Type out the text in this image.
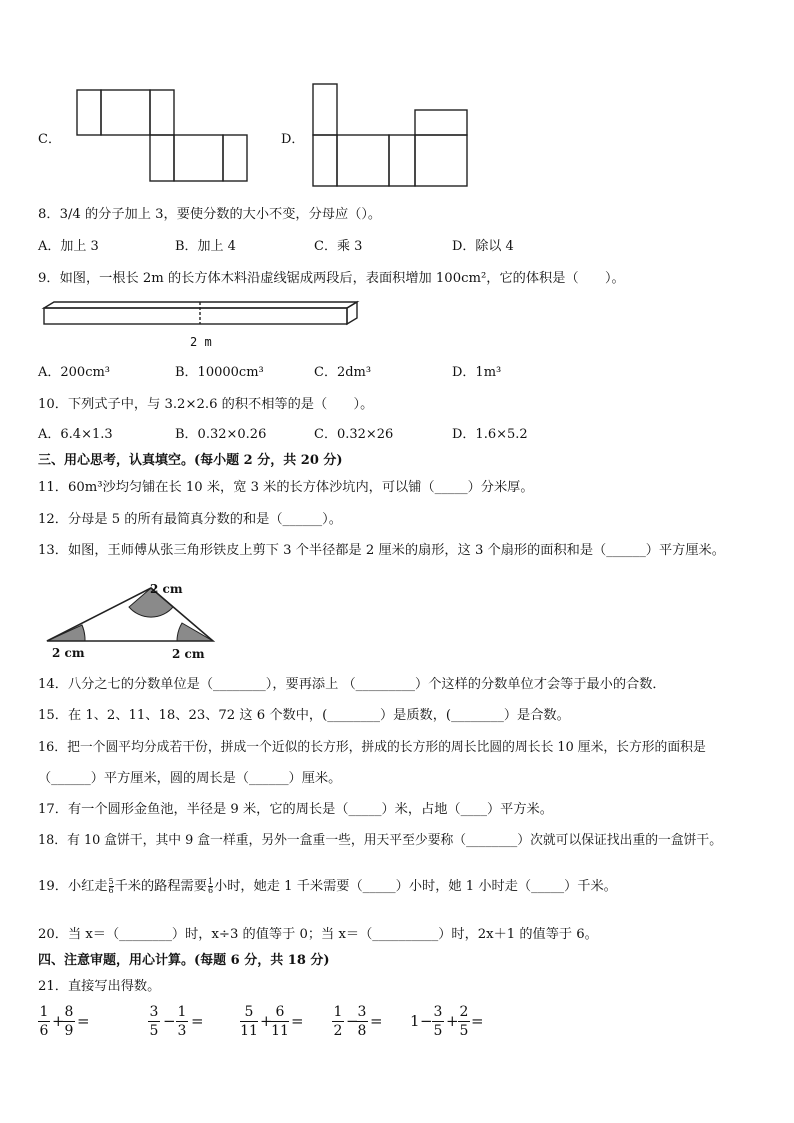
C．	D．
8．3/4 的分子加上 3，要使分数的大小不变，分母应（）。
A．加上 3	B．加上 4	C．乘 3	D．除以 4
9．如图，一根长 2m 的长方体木料沿虚线锯成两段后，表面积增加 100cm²，它的体积是（　　）。
2 m
A．200cm³	B．10000cm³	C．2dm³	D．1m³
10．下列式子中，与 3.2×2.6 的积不相等的是（　　）。
A．6.4×1.3	B．0.32×0.26	C．0.32×26	D．1.6×5.2
三、用心思考，认真填空。(每小题 2 分，共 20 分)
11．60m³沙均匀铺在长 10 米，宽 3 米的长方体沙坑内，可以铺（_____）分米厚。
12．分母是 5 的所有最简真分数的和是（______）。
13．如图，王师傅从张三角形铁皮上剪下 3 个半径都是 2 厘米的扇形，这 3 个扇形的面积和是（______）平方厘米。
2 cm
2 cm	2 cm
14．八分之七的分数单位是（________），要再添上 （_________）个这样的分数单位才会等于最小的合数．
15．在 1、2、11、18、23、72 这 6 个数中，(________）是质数，(________）是合数。
16．把一个圆平均分成若干份，拼成一个近似的长方形，拼成的长方形的周长比圆的周长长 10 厘米，长方形的面积是
（______）平方厘米，圆的周长是（______）厘米。
17．有一个圆形金鱼池，半径是 9 米，它的周长是（_____）米，占地（____）平方米。
18．有 10 盒饼干，其中 9 盒一样重，另外一盒重一些，用天平至少要称（________）次就可以保证找出重的一盒饼干。
19．小红走 $\frac{5}{6}$ 千米的路程需要 $\frac{1}{6}$ 小时，她走 1 千米需要（_____）小时，她 1 小时走（_____）千米。
20．当 x＝（________）时，x÷3 的值等于 0；当 x＝（__________）时，2x＋1 的值等于 6。
四、注意审题，用心计算。(每题 6 分，共 18 分)
21．直接写出得数。
1
6
+ 8
9
=	3
5
− 1
3
=	5
11
+ 6
11
= 1
2
−
3
8
= 1 − 3
5
+ 2
5
=
